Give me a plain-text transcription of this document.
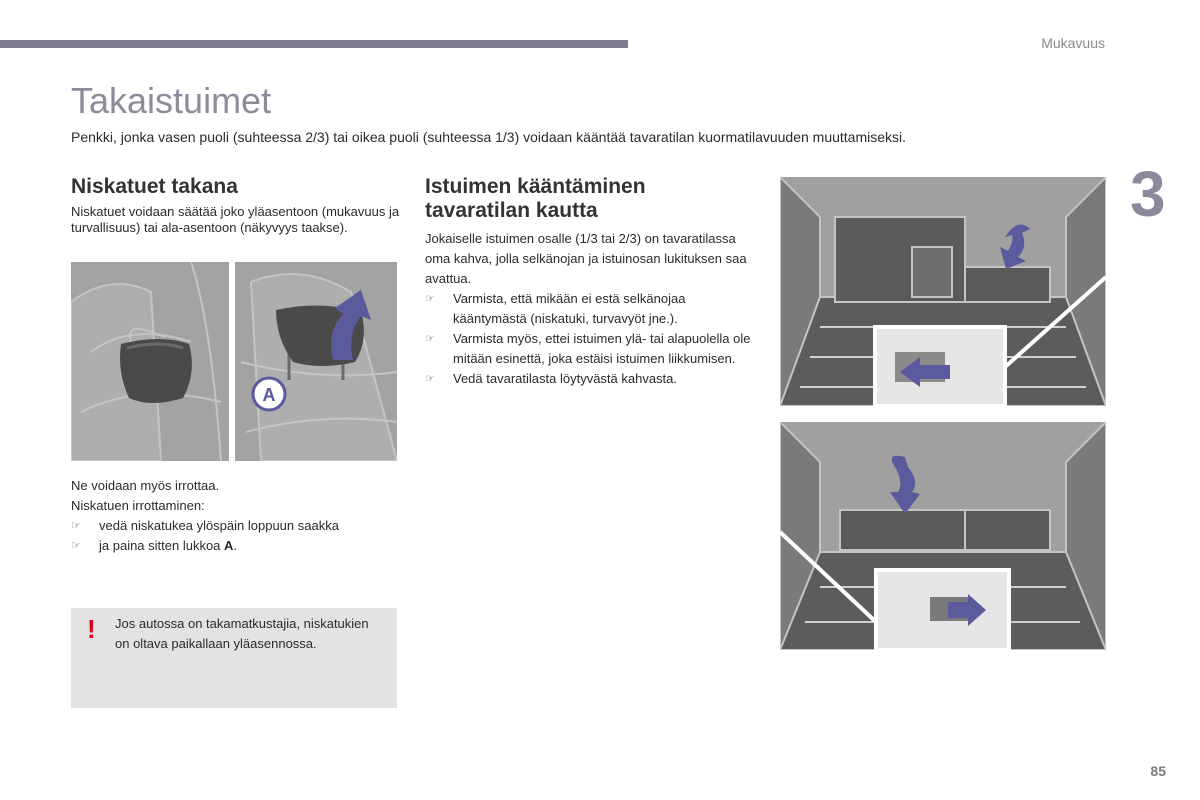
Mukavuus
3
Takaistuimet

Penkki, jonka vasen puoli (suhteessa 2/3) tai oikea puoli (suhteessa 1/3) voidaan kääntää tavaratilan kuormatilavuuden muuttamiseksi.

Niskatuet takana

Niskatuet voidaan säätää joko yläasentoon (mukavuus ja turvallisuus) tai ala-asentoon (näkyvyys taakse).

A
Ne voidaan myös irrottaa.
Niskatuen irrottaminen:
☞	vedä niskatukea ylöspäin loppuun saakka
☞	ja paina sitten lukkoa A.
! Jos autossa on takamatkustajia, niskatukien on oltava paikallaan yläasennossa.
Istuimen kääntäminen
tavaratilan kautta

Jokaiselle istuimen osalle (1/3 tai 2/3) on tavaratilassa oma kahva, jolla selkänojan ja istuinosan lukituksen saa avattua.

☞	Varmista, että mikään ei estä selkänojaa kääntymästä (niskatuki, turvavyöt jne.).
☞	Varmista myös, ettei istuimen ylä- tai alapuolella ole mitään esinettä, joka estäisi istuimen liikkumisen.
☞	Vedä tavaratilasta löytyvästä kahvasta.
85
